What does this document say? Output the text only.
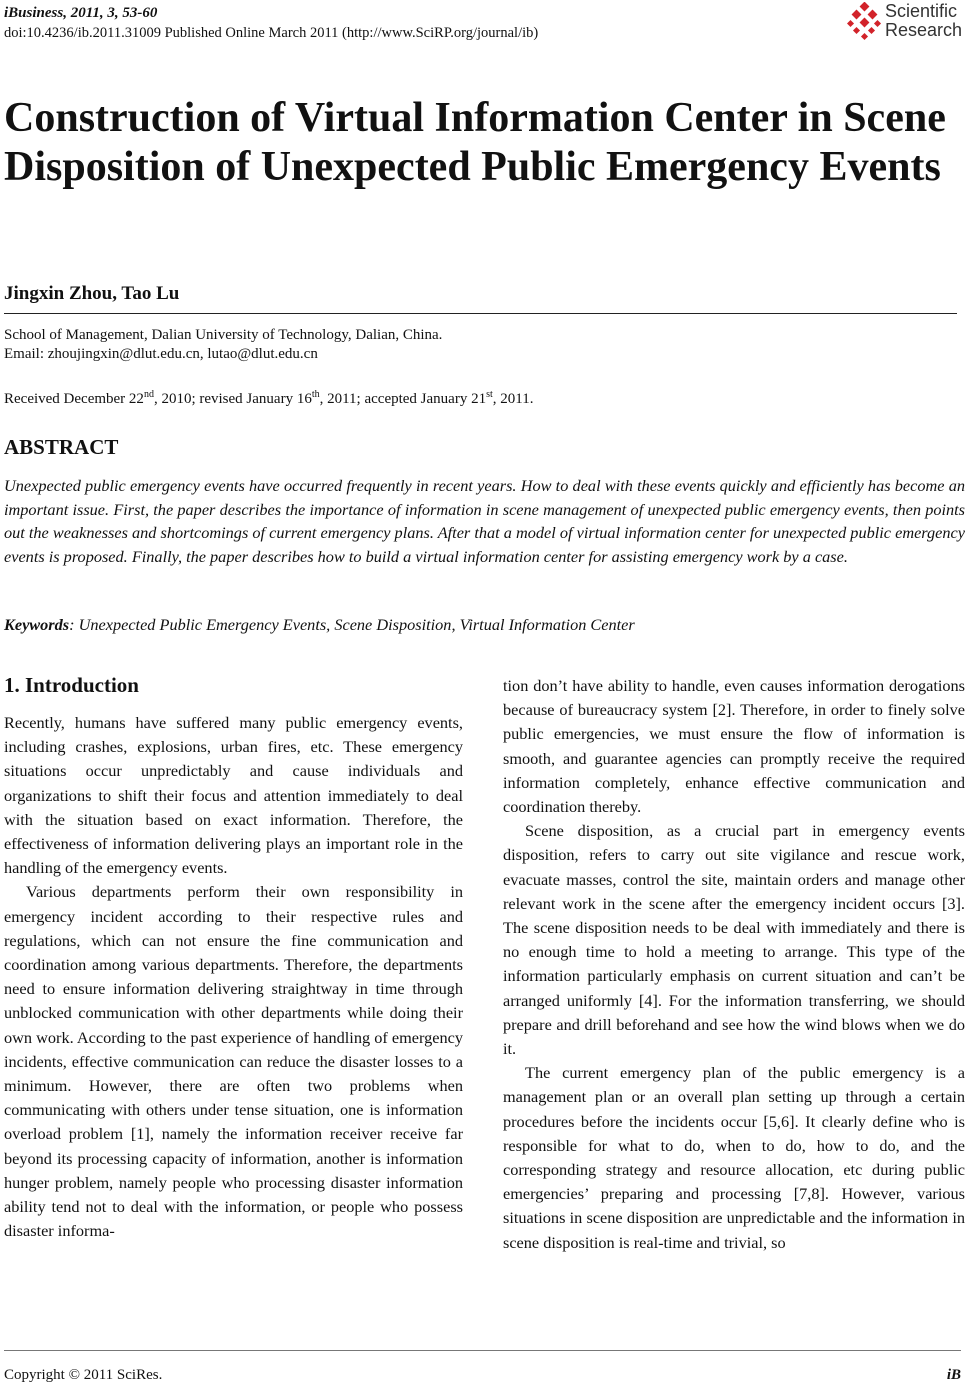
iBusiness, 2011, 3, 53-60
doi:10.4236/ib.2011.31009 Published Online March 2011 (http://www.SciRP.org/journal/ib)
Scientific
Research
Construction of Virtual Information Center in Scene Disposition of Unexpected Public Emergency Events
Jingxin Zhou, Tao Lu
School of Management, Dalian University of Technology, Dalian, China.
Email: zhoujingxin@dlut.edu.cn, lutao@dlut.edu.cn
Received December 22nd, 2010; revised January 16th, 2011; accepted January 21st, 2011.
ABSTRACT
Unexpected public emergency events have occurred frequently in recent years. How to deal with these events quickly and efficiently has become an important issue. First, the paper describes the importance of information in scene management of unexpected public emergency events, then points out the weaknesses and shortcomings of current emergency plans. After that a model of virtual information center for unexpected public emergency events is proposed. Finally, the paper describes how to build a virtual information center for assisting emergency work by a case.
Keywords: Unexpected Public Emergency Events, Scene Disposition, Virtual Information Center
1. Introduction

Recently, humans have suffered many public emergency events, including crashes, explosions, urban fires, etc. These emergency situations occur unpredictably and cause individuals and organizations to shift their focus and attention immediately to deal with the situation based on exact information. Therefore, the effectiveness of information delivering plays an important role in the handling of the emergency events.

Various departments perform their own responsibility in emergency incident according to their respective rules and regulations, which can not ensure the fine communication and coordination among various departments. Therefore, the departments need to ensure information delivering straightway in time through unblocked communication with other departments while doing their own work. According to the past experience of handling of emergency incidents, effective communication can reduce the disaster losses to a minimum. However, there are often two problems when communicating with others under tense situation, one is information overload problem [1], namely the information receiver receive far beyond its processing capacity of information, another is information hunger problem, namely people who processing disaster information ability tend not to deal with the information, or people who possess disaster informa-

tion don’t have ability to handle, even causes information derogations because of bureaucracy system [2]. Therefore, in order to finely solve public emergencies, we must ensure the flow of information is smooth, and guarantee agencies can promptly receive the required information completely, enhance effective communication and coordination thereby.

Scene disposition, as a crucial part in emergency events disposition, refers to carry out site vigilance and rescue work, evacuate masses, control the site, maintain orders and manage other relevant work in the scene after the emergency incident occurs [3]. The scene disposition needs to be deal with immediately and there is no enough time to hold a meeting to arrange. This type of the information particularly emphasis on current situation and can’t be arranged uniformly [4]. For the information transferring, we should prepare and drill beforehand and see how the wind blows when we do it.

The current emergency plan of the public emergency is a management plan or an overall plan setting up through a certain procedures before the incidents occur [5,6]. It clearly define who is responsible for what to do, when to do, how to do, and the corresponding strategy and resource allocation, etc during public emergencies’ preparing and processing [7,8]. However, various situations in scene disposition are unpredictable and the information in scene disposition is real-time and trivial, so

Copyright © 2011 SciRes.	iB
